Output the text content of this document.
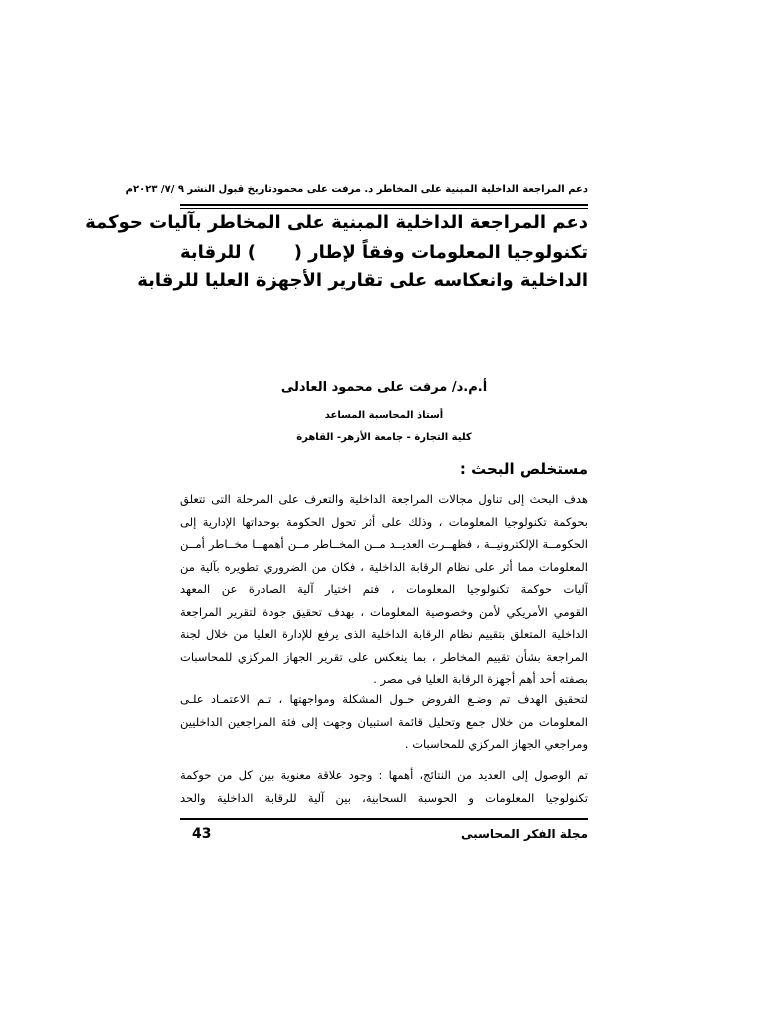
دعم المراجعة الداخلية المبنية على المخاطر د. مرفت على محمود
تاريخ قبول النشر ٩ /٧/ ٢٠٢٣م
دعم المراجعة الداخلية المبنية على المخاطر بآليات حوكمة
تكنولوجيا المعلومات وفقاً لإطار (
) للرقابة
الداخلية وانعكاسه على تقارير الأجهزة العليا للرقابة
أ.م.د/ مرفت على محمود العادلى
أستاذ المحاسبة المساعد
كلية التجارة - جامعة الأزهر- القاهرة
مستخلص البحث :
هدف البحث إلى تناول مجالات المراجعة الداخلية والتعرف على المرحلة التى تتعلق
بحوكمة تكنولوجيا المعلومات ، وذلك على أثر تحول الحكومة بوحداتها الإدارية إلى
الحكومــة الإلكترونيــة ، فظهــرت العديــد مــن المخــاطر مــن أهمهــا مخــاطر أمــن
المعلومات مما أثر على نظام الرقابة الداخلية ، فكان من الضروري تطويره بآلية من
آليات حوكمة تكنولوجيا المعلومات ، فتم اختيار آلية الصادرة عن المعهد
القومي الأمريكي لأمن وخصوصية المعلومات ، بهدف تحقيق جودة لتقرير المراجعة
الداخلية المتعلق بتقييم نظام الرقابة الداخلية الذى يرفع للإدارة العليا من خلال لجنة
المراجعة بشأن تقييم المخاطر ، بما ينعكس على تقرير الجهاز المركزي للمحاسبات
بصفته أحد أهم أجهزة الرقابة العليا فى مصر .
لتحقيق الهدف تم وضـع الفروض حـول المشكلة ومواجهتها ، تـم الاعتمـاد علـى
المعلومات من خلال جمع وتحليل قائمة استبيان وجهت إلى فئة المراجعين الداخليين
ومراجعي الجهاز المركزي للمحاسبات .
تم الوصول إلى العديد من النتائج، أهمها : وجود علاقة معنوية بين كل من حوكمة
تكنولوجيا المعلومات و الحوسبة السحابية، بين آلية للرقابة الداخلية والحد
43	مجلة الفكر المحاسبى
